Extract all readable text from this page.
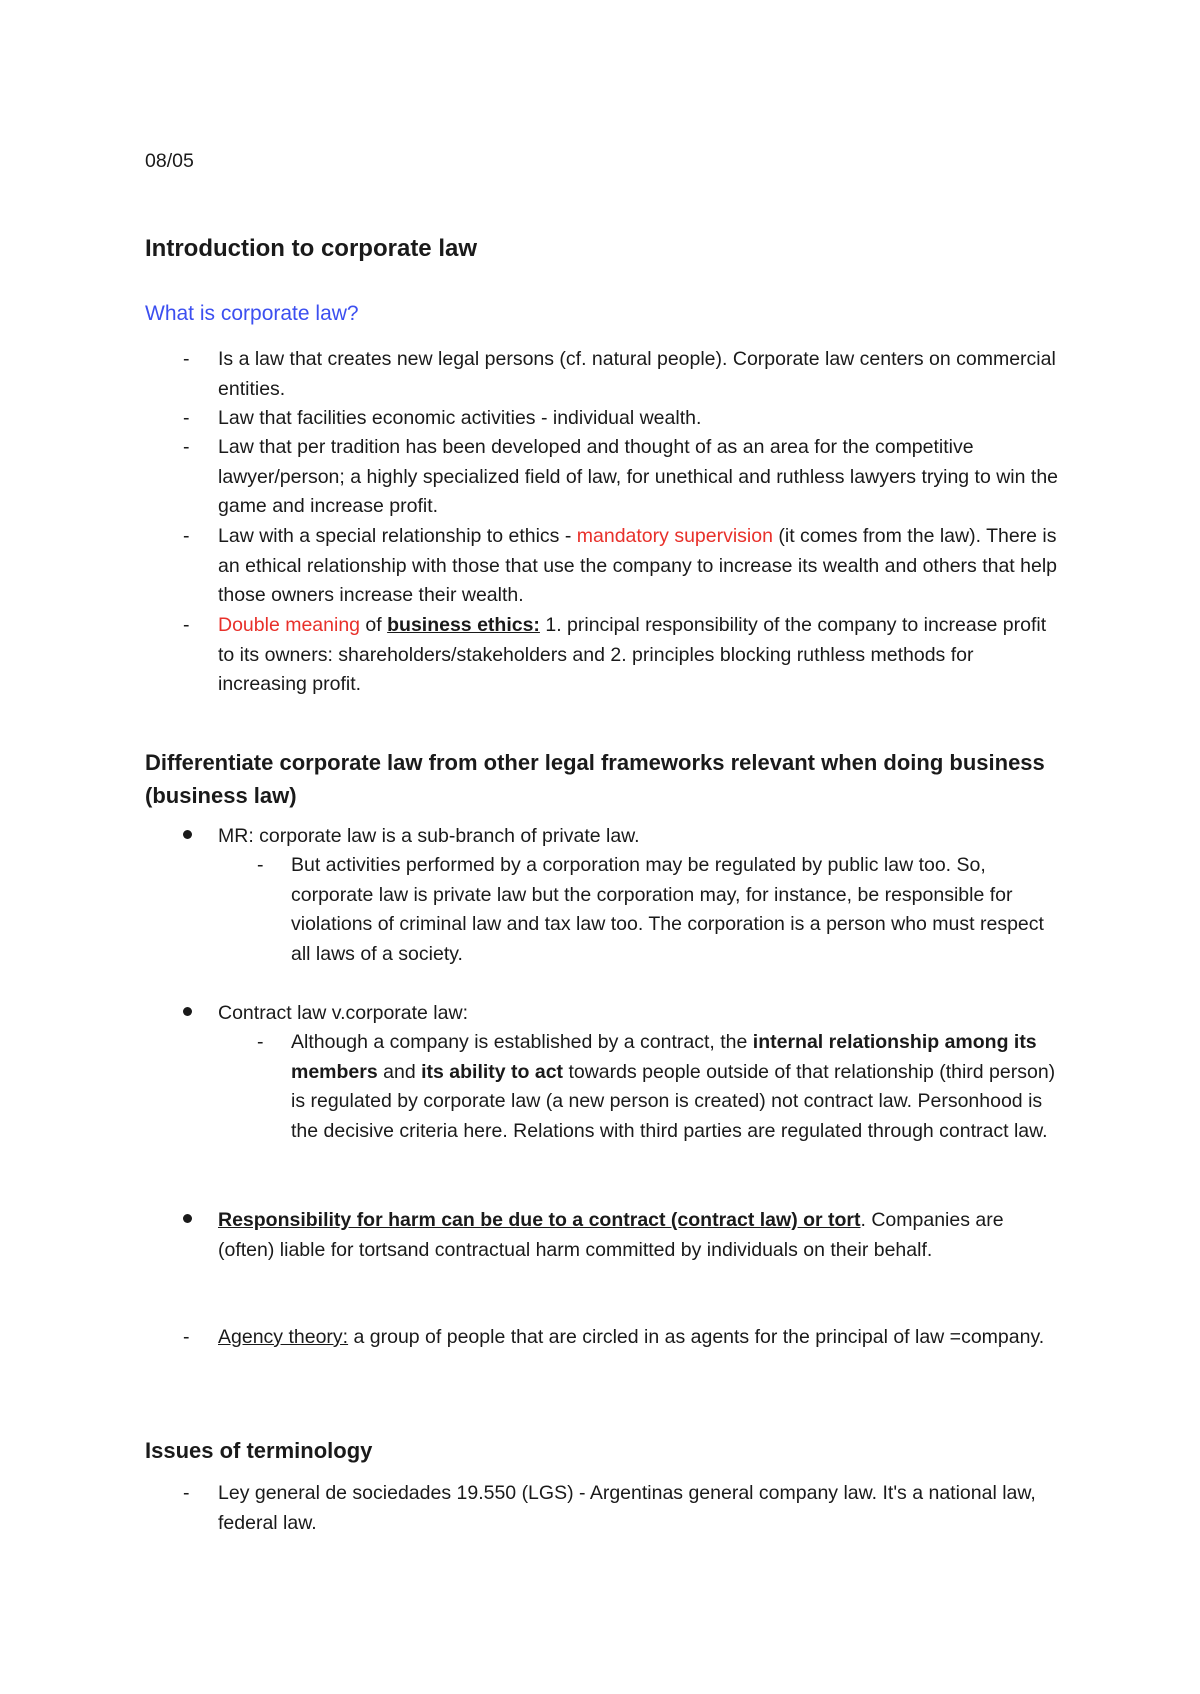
08/05

Introduction to corporate law

What is corporate law?

-	Is a law that creates new legal persons (cf. natural people). Corporate law centers on commercial entities.

-	Law that facilities economic activities - individual wealth.

-	Law that per tradition has been developed and thought of as an area for the competitive lawyer/person; a highly specialized field of law, for unethical and ruthless lawyers trying to win the game and increase profit.

-	Law with a special relationship to ethics - mandatory supervision (it comes from the law). There is an ethical relationship with those that use the company to increase its wealth and others that help those owners increase their wealth.

-	Double meaning of business ethics: 1. principal responsibility of the company to increase profit to its owners: shareholders/stakeholders and 2. principles blocking ruthless methods for increasing profit.

Differentiate corporate law from other legal frameworks relevant when doing business (business law)

MR: corporate law is a sub-branch of private law.

-	But activities performed by a corporation may be regulated by public law too. So, corporate law is private law but the corporation may, for instance, be responsible for violations of criminal law and tax law too. The corporation is a person who must respect all laws of a society.

Contract law v.corporate law:

-	Although a company is established by a contract, the internal relationship among its members and its ability to act towards people outside of that relationship (third person) is regulated by corporate law (a new person is created) not contract law. Personhood is the decisive criteria here. Relations with third parties are regulated through contract law.

Responsibility for harm can be due to a contract (contract law) or tort. Companies are (often) liable for tortsand contractual harm committed by individuals on their behalf.

-	Agency theory: a group of people that are circled in as agents for the principal of law =company.

Issues of terminology

-	Ley general de sociedades 19.550 (LGS) - Argentinas general company law. It's a national law, federal law.
